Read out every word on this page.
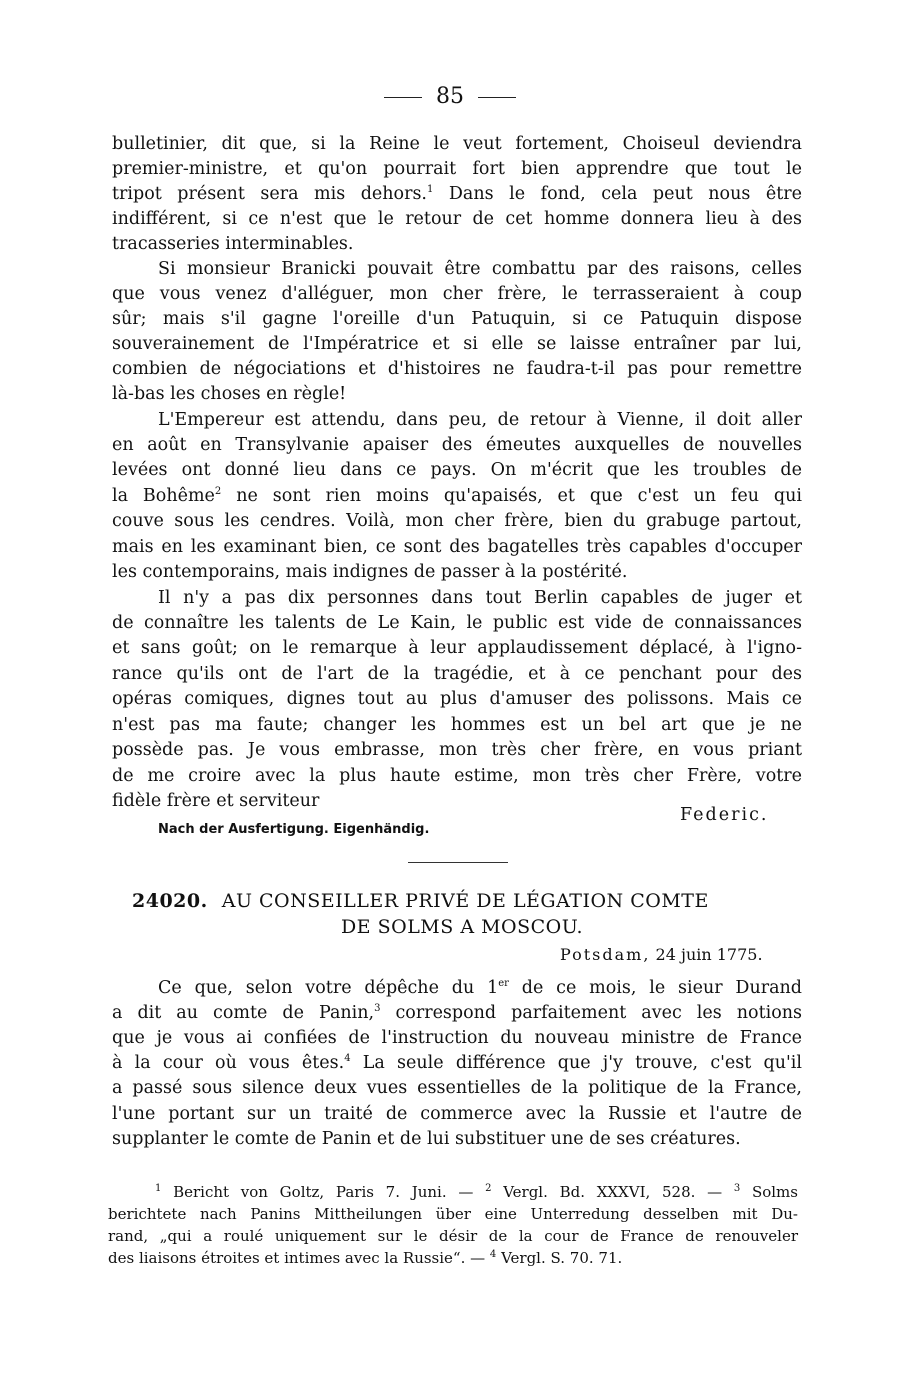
85
bulletinier, dit que, si la Reine le veut fortement, Choiseul deviendra
premier-ministre, et qu'on pourrait fort bien apprendre que tout le
tripot présent sera mis dehors.$^1$ Dans le fond, cela peut nous être
indifférent, si ce n'est que le retour de cet homme donnera lieu à des
tracasseries interminables.
Si monsieur Branicki pouvait être combattu par des raisons, celles
que vous venez d'alléguer, mon cher frère, le terrasseraient à coup
sûr; mais s'il gagne l'oreille d'un Patuquin, si ce Patuquin dispose
souverainement de l'Impératrice et si elle se laisse entraîner par lui,
combien de négociations et d'histoires ne faudra-t-il pas pour remettre
là-bas les choses en règle!
L'Empereur est attendu, dans peu, de retour à Vienne, il doit aller
en août en Transylvanie apaiser des émeutes auxquelles de nouvelles
levées ont donné lieu dans ce pays. On m'écrit que les troubles de
la Bohême$^2$ ne sont rien moins qu'apaisés, et que c'est un feu qui
couve sous les cendres. Voilà, mon cher frère, bien du grabuge partout,
mais en les examinant bien, ce sont des bagatelles très capables d'occuper
les contemporains, mais indignes de passer à la postérité.
Il n'y a pas dix personnes dans tout Berlin capables de juger et
de connaître les talents de Le Kain, le public est vide de connaissances
et sans goût; on le remarque à leur applaudissement déplacé, à l'igno-
rance qu'ils ont de l'art de la tragédie, et à ce penchant pour des
opéras comiques, dignes tout au plus d'amuser des polissons. Mais ce
n'est pas ma faute; changer les hommes est un bel art que je ne
possède pas. Je vous embrasse, mon très cher frère, en vous priant
de me croire avec la plus haute estime, mon très cher Frère, votre
fidèle frère et serviteur
Federic.
Nach der Ausfertigung. Eigenhändig.
24020. AU CONSEILLER PRIVÉ DE LÉGATION COMTE
DE SOLMS A MOSCOU.
Potsdam, 24 juin 1775.
Ce que, selon votre dépêche du 1er de ce mois, le sieur Durand
a dit au comte de Panin,$^3$ correspond parfaitement avec les notions
que je vous ai confiées de l'instruction du nouveau ministre de France
à la cour où vous êtes.$^4$ La seule différence que j'y trouve, c'est qu'il
a passé sous silence deux vues essentielles de la politique de la France,
l'une portant sur un traité de commerce avec la Russie et l'autre de
supplanter le comte de Panin et de lui substituer une de ses créatures.
$^1$ Bericht von Goltz, Paris 7. Juni. — $^2$ Vergl. Bd. XXXVI, 528. — $^3$ Solms
berichtete nach Panins Mittheilungen über eine Unterredung desselben mit Du-
rand, „qui a roulé uniquement sur le désir de la cour de France de renouveler
des liaisons étroites et intimes avec la Russie“. — $^4$ Vergl. S. 70. 71.
